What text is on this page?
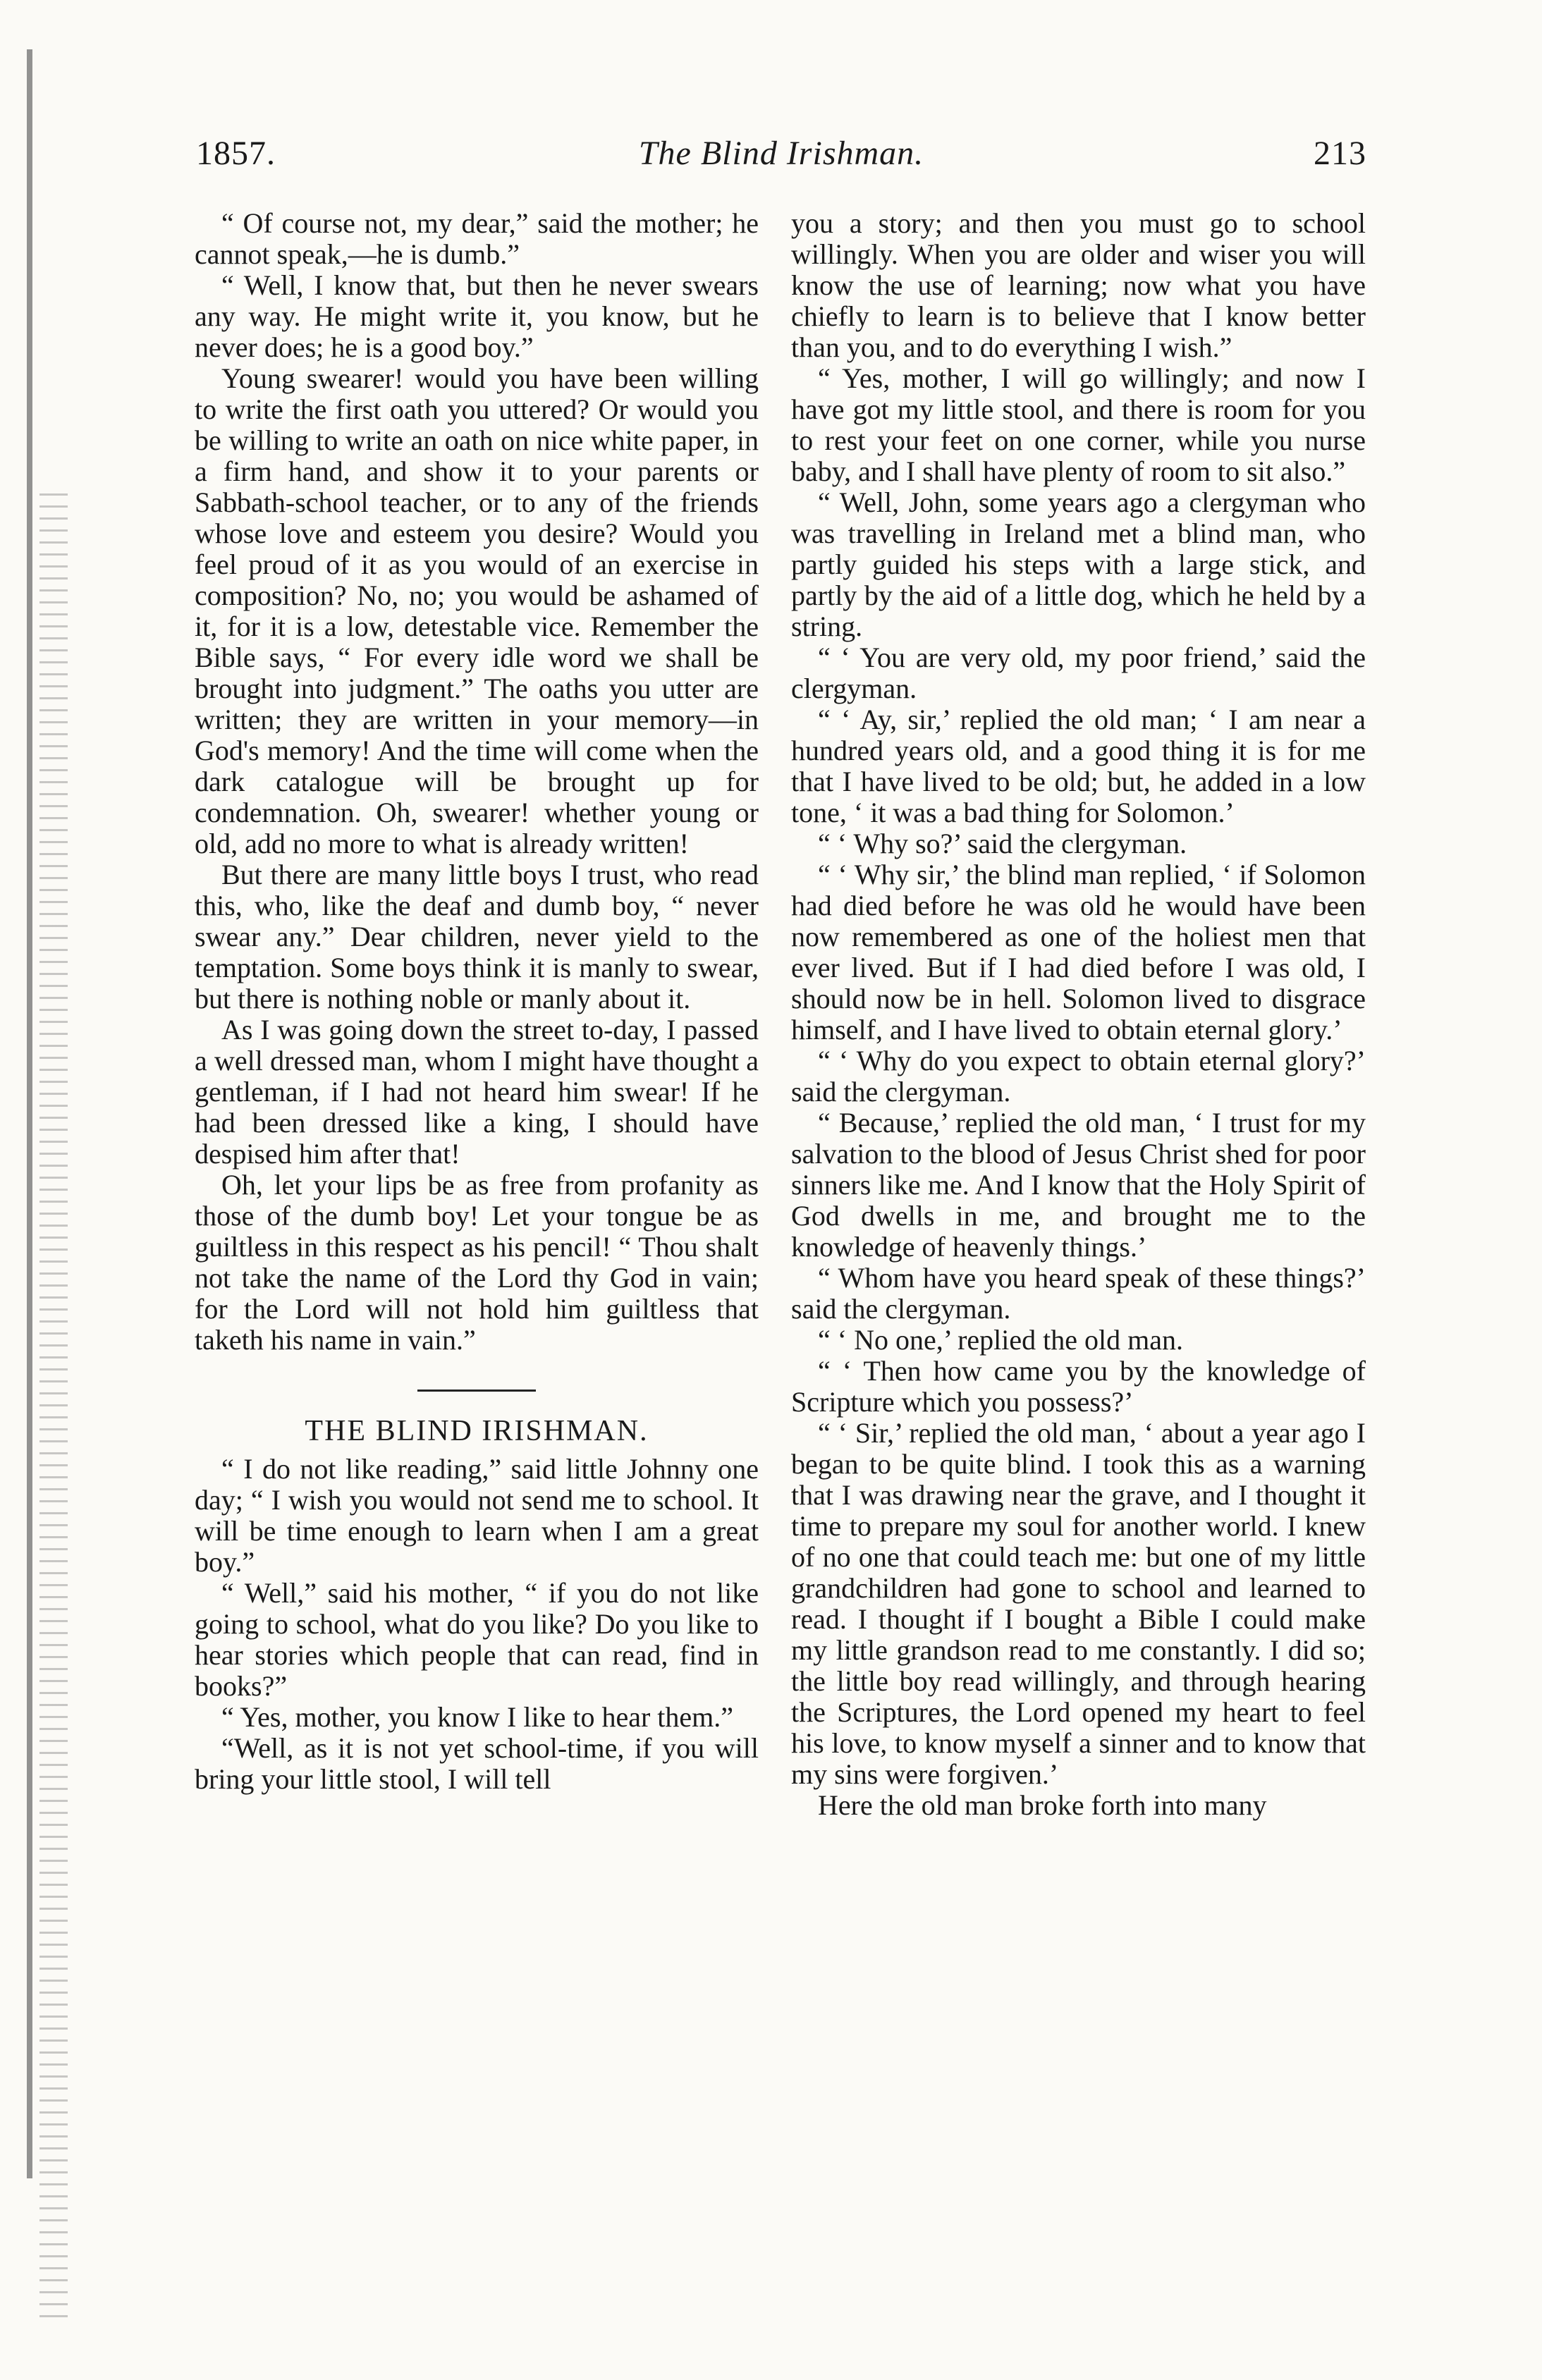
1857.	The Blind Irishman.	213

“ Of course not, my dear,” said the mother; he cannot speak,—he is dumb.”

“ Well, I know that, but then he never swears any way. He might write it, you know, but he never does; he is a good boy.”

Young swearer! would you have been willing to write the first oath you uttered? Or would you be willing to write an oath on nice white paper, in a firm hand, and show it to your parents or Sabbath-school teacher, or to any of the friends whose love and esteem you desire? Would you feel proud of it as you would of an exercise in composition? No, no; you would be ashamed of it, for it is a low, detestable vice. Remember the Bible says, “ For every idle word we shall be brought into judgment.” The oaths you utter are written; they are written in your memory—in God's memory! And the time will come when the dark catalogue will be brought up for condemnation. Oh, swearer! whether young or old, add no more to what is already written!

But there are many little boys I trust, who read this, who, like the deaf and dumb boy, “ never swear any.” Dear children, never yield to the temptation. Some boys think it is manly to swear, but there is nothing noble or manly about it.

As I was going down the street to-day, I passed a well dressed man, whom I might have thought a gentleman, if I had not heard him swear! If he had been dressed like a king, I should have despised him after that!

Oh, let your lips be as free from profanity as those of the dumb boy! Let your tongue be as guiltless in this respect as his pencil! “ Thou shalt not take the name of the Lord thy God in vain; for the Lord will not hold him guiltless that taketh his name in vain.”

THE BLIND IRISHMAN.

“ I do not like reading,” said little Johnny one day; “ I wish you would not send me to school. It will be time enough to learn when I am a great boy.”

“ Well,” said his mother, “ if you do not like going to school, what do you like? Do you like to hear stories which people that can read, find in books?”

“ Yes, mother, you know I like to hear them.”

“Well, as it is not yet school-time, if you will bring your little stool, I will tell

you a story; and then you must go to school willingly. When you are older and wiser you will know the use of learning; now what you have chiefly to learn is to believe that I know better than you, and to do everything I wish.”

“ Yes, mother, I will go willingly; and now I have got my little stool, and there is room for you to rest your feet on one corner, while you nurse baby, and I shall have plenty of room to sit also.”

“ Well, John, some years ago a clergyman who was travelling in Ireland met a blind man, who partly guided his steps with a large stick, and partly by the aid of a little dog, which he held by a string.

“ ‘ You are very old, my poor friend,’ said the clergyman.

“ ‘ Ay, sir,’ replied the old man; ‘ I am near a hundred years old, and a good thing it is for me that I have lived to be old; but, he added in a low tone, ‘ it was a bad thing for Solomon.’

“ ‘ Why so?’ said the clergyman.

“ ‘ Why sir,’ the blind man replied, ‘ if Solomon had died before he was old he would have been now remembered as one of the holiest men that ever lived. But if I had died before I was old, I should now be in hell. Solomon lived to disgrace himself, and I have lived to obtain eternal glory.’

“ ‘ Why do you expect to obtain eternal glory?’ said the clergyman.

“ Because,’ replied the old man, ‘ I trust for my salvation to the blood of Jesus Christ shed for poor sinners like me. And I know that the Holy Spirit of God dwells in me, and brought me to the knowledge of heavenly things.’

“ Whom have you heard speak of these things?’ said the clergyman.

“ ‘ No one,’ replied the old man.

“ ‘ Then how came you by the knowledge of Scripture which you possess?’

“ ‘ Sir,’ replied the old man, ‘ about a year ago I began to be quite blind. I took this as a warning that I was drawing near the grave, and I thought it time to prepare my soul for another world. I knew of no one that could teach me: but one of my little grandchildren had gone to school and learned to read. I thought if I bought a Bible I could make my little grandson read to me constantly. I did so; the little boy read willingly, and through hearing the Scriptures, the Lord opened my heart to feel his love, to know myself a sinner and to know that my sins were forgiven.’

Here the old man broke forth into many
